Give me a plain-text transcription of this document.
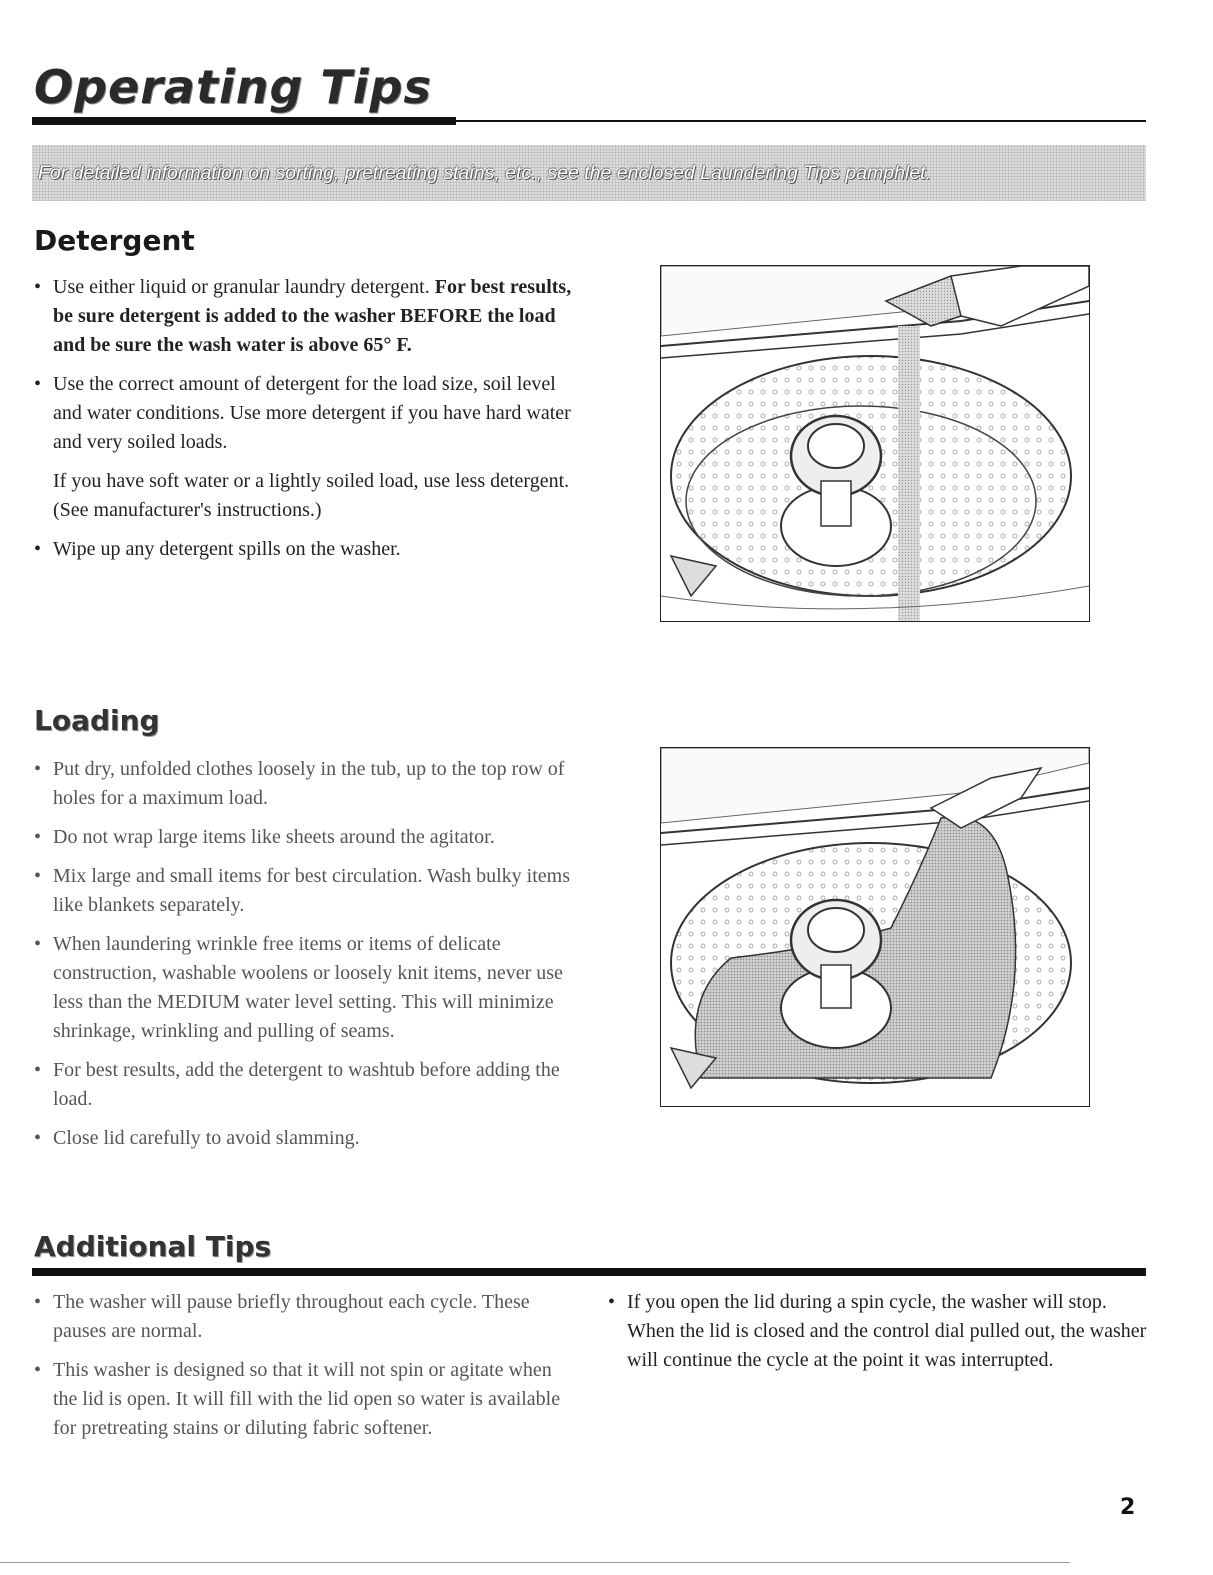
Operating Tips
For detailed information on sorting, pretreating stains, etc., see the enclosed Laundering Tips pamphlet.
Detergent

• Use either liquid or granular laundry detergent. For best results, be sure detergent is added to the washer BEFORE the load and be sure the wash water is above 65° F.

• Use the correct amount of detergent for the load size, soil level and water conditions. Use more detergent if you have hard water and very soiled loads.

If you have soft water or a lightly soiled load, use less detergent. (See manufacturer's instructions.)

• Wipe up any detergent spills on the washer.

Loading

• Put dry, unfolded clothes loosely in the tub, up to the top row of holes for a maximum load.

• Do not wrap large items like sheets around the agitator.

• Mix large and small items for best circulation. Wash bulky items like blankets separately.

• When laundering wrinkle free items or items of delicate construction, washable woolens or loosely knit items, never use less than the MEDIUM water level setting. This will minimize shrinkage, wrinkling and pulling of seams.

• For best results, add the detergent to washtub before adding the load.

• Close lid carefully to avoid slamming.

Additional Tips

• The washer will pause briefly throughout each cycle. These pauses are normal.

• This washer is designed so that it will not spin or agitate when the lid is open. It will fill with the lid open so water is available for pretreating stains or diluting fabric softener.

• If you open the lid during a spin cycle, the washer will stop. When the lid is closed and the control dial pulled out, the washer will continue the cycle at the point it was interrupted.

2
